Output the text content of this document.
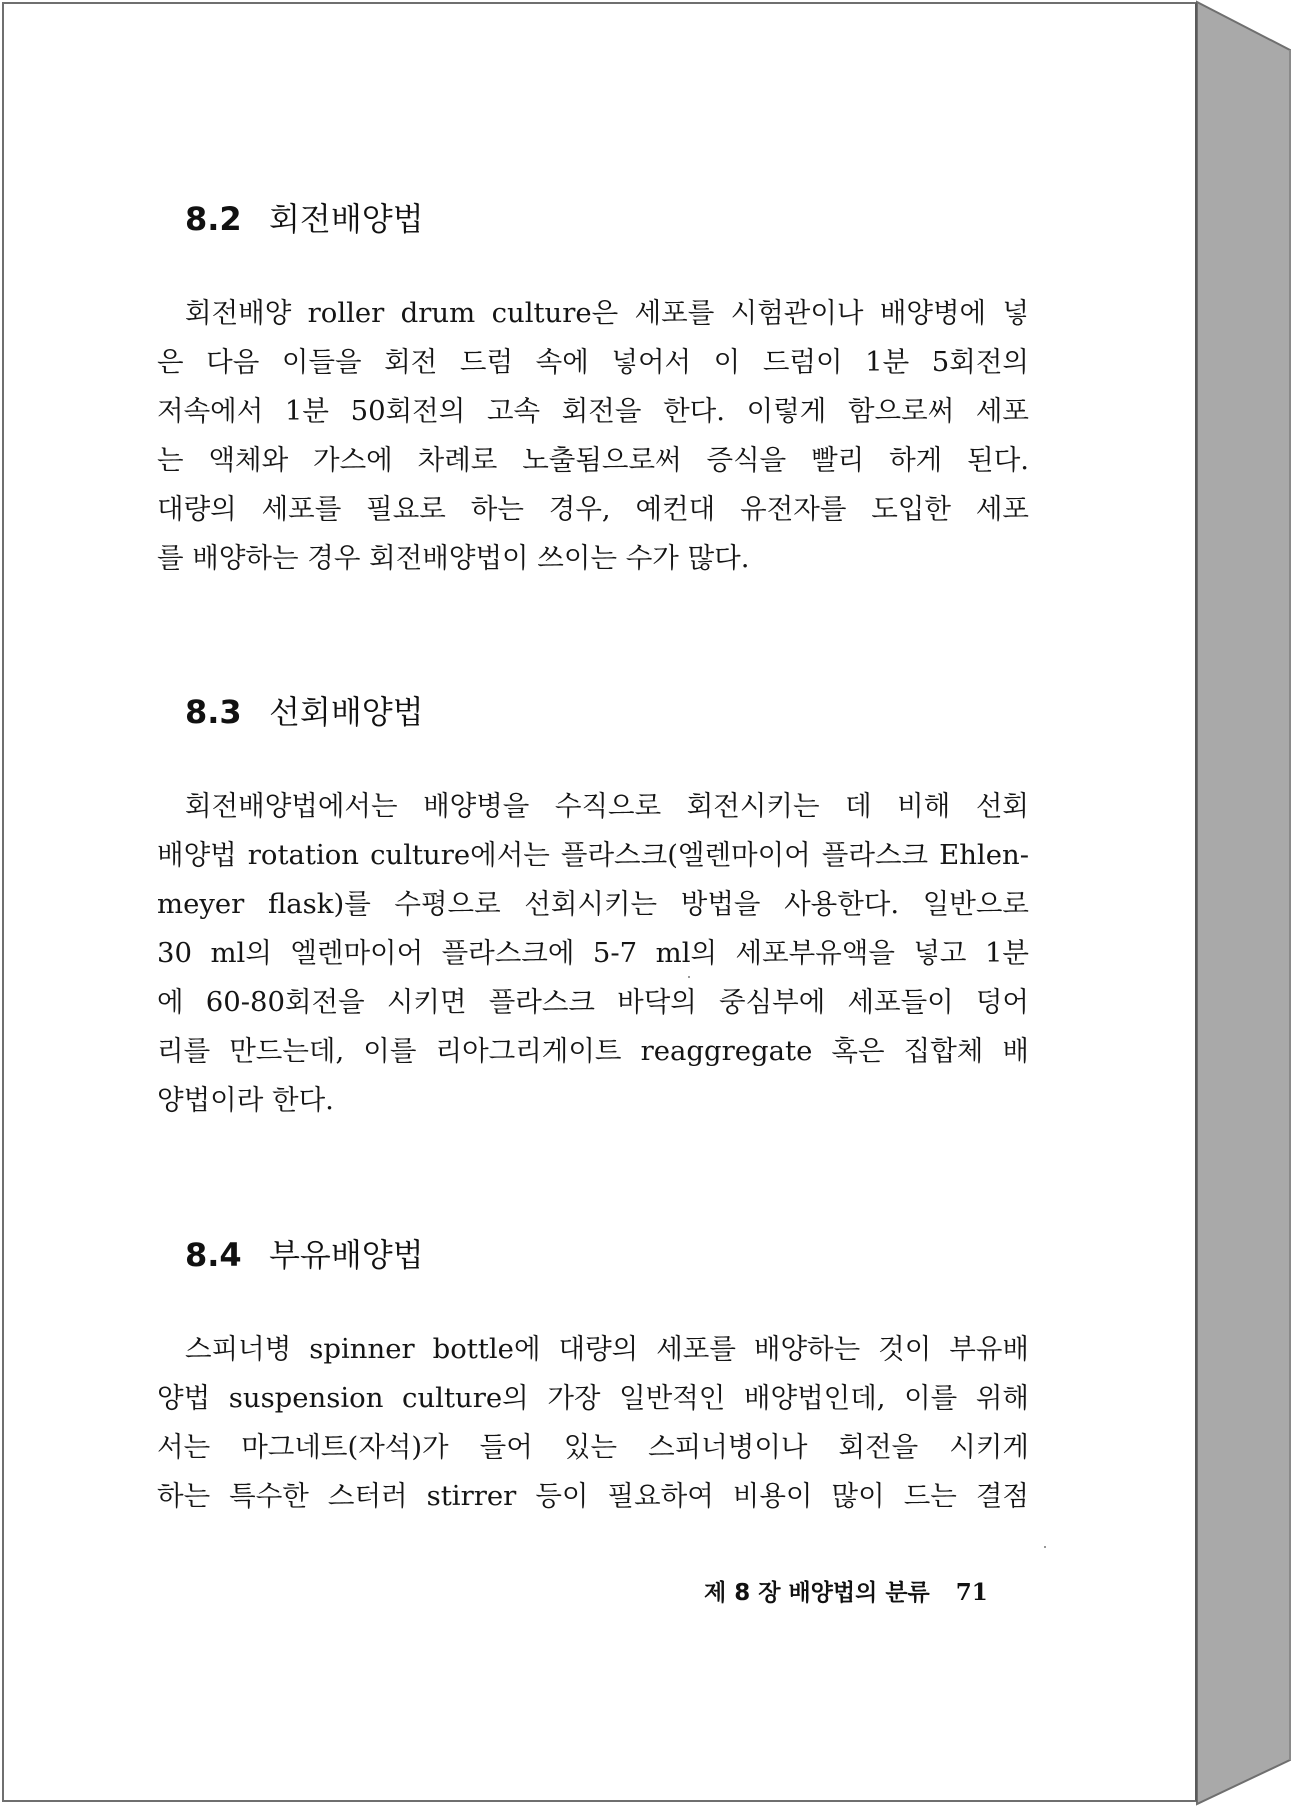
8.2 회전배양법
회전배양 roller drum culture은 세포를 시험관이나 배양병에 넣
은 다음 이들을 회전 드럼 속에 넣어서 이 드럼이 1분 5회전의
저속에서 1분 50회전의 고속 회전을 한다. 이렇게 함으로써 세포
는 액체와 가스에 차례로 노출됨으로써 증식을 빨리 하게 된다.
대량의 세포를 필요로 하는 경우, 예컨대 유전자를 도입한 세포
를 배양하는 경우 회전배양법이 쓰이는 수가 많다.
8.3 선회배양법
회전배양법에서는 배양병을 수직으로 회전시키는 데 비해 선회
배양법 rotation culture에서는 플라스크(엘렌마이어 플라스크 Ehlen-
meyer flask)를 수평으로 선회시키는 방법을 사용한다. 일반으로
30 ml의 엘렌마이어 플라스크에 5-7 ml의 세포부유액을 넣고 1분
에 60-80회전을 시키면 플라스크 바닥의 중심부에 세포들이 덩어
리를 만드는데, 이를 리아그리게이트 reaggregate 혹은 집합체 배
양법이라 한다.
8.4 부유배양법
스피너병 spinner bottle에 대량의 세포를 배양하는 것이 부유배
양법 suspension culture의 가장 일반적인 배양법인데, 이를 위해
서는 마그네트(자석)가 들어 있는 스피너병이나 회전을 시키게
하는 특수한 스터러 stirrer 등이 필요하여 비용이 많이 드는 결점
제 8 장 배양법의 분류 71
